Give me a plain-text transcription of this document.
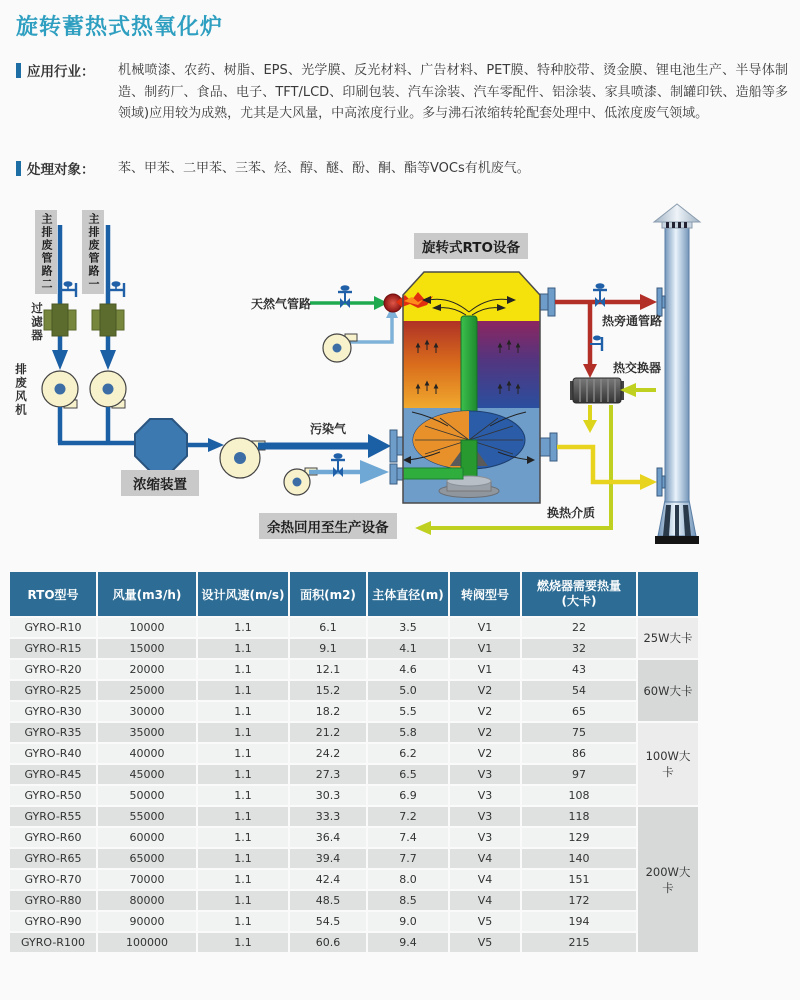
旋转蓄热式热氧化炉
应用行业： 机械喷漆、农药、树脂、EPS、光学膜、反光材料、广告材料、PET膜、特种胶带、烫金膜、锂电池生产、半导体制造、制药厂、食品、电子、TFT/LCD、印刷包装、汽车涂装、汽车零配件、铝涂装、家具喷漆、制罐印铁、造船等多领域)应用较为成熟，尤其是大风量，中高浓度行业。多与沸石浓缩转轮配套处理中、低浓度废气领域。
处理对象： 苯、甲苯、二甲苯、三苯、烃、醇、醚、酚、酮、酯等VOCs有机废气。
主排废管路二	主排废管路一
过滤器
排废风机
浓缩装置
污染气
余热回用至生产设备
天然气管路
旋转式RTO设备
热旁通管路
热交换器
换热介质
RTO型号	风量(m3/h)	设计风速(m/s)	面积(m2)	主体直径(m)	转阀型号	燃烧器需要热量
(大卡)	

GYRO-R10	10000	1.1	6.1	3.5	V1	22	25W大卡
GYRO-R15	15000	1.1	9.1	4.1	V1	32	
GYRO-R20	20000	1.1	12.1	4.6	V1	43	60W大卡
GYRO-R25	25000	1.1	15.2	5.0	V2	54	
GYRO-R30	30000	1.1	18.2	5.5	V2	65	
GYRO-R35	35000	1.1	21.2	5.8	V2	75	100W大卡
GYRO-R40	40000	1.1	24.2	6.2	V2	86	
GYRO-R45	45000	1.1	27.3	6.5	V3	97	
GYRO-R50	50000	1.1	30.3	6.9	V3	108	
GYRO-R55	55000	1.1	33.3	7.2	V3	118	200W大卡
GYRO-R60	60000	1.1	36.4	7.4	V3	129	
GYRO-R65	65000	1.1	39.4	7.7	V4	140	
GYRO-R70	70000	1.1	42.4	8.0	V4	151	
GYRO-R80	80000	1.1	48.5	8.5	V4	172	
GYRO-R90	90000	1.1	54.5	9.0	V5	194	
GYRO-R100	100000	1.1	60.6	9.4	V5	215	
